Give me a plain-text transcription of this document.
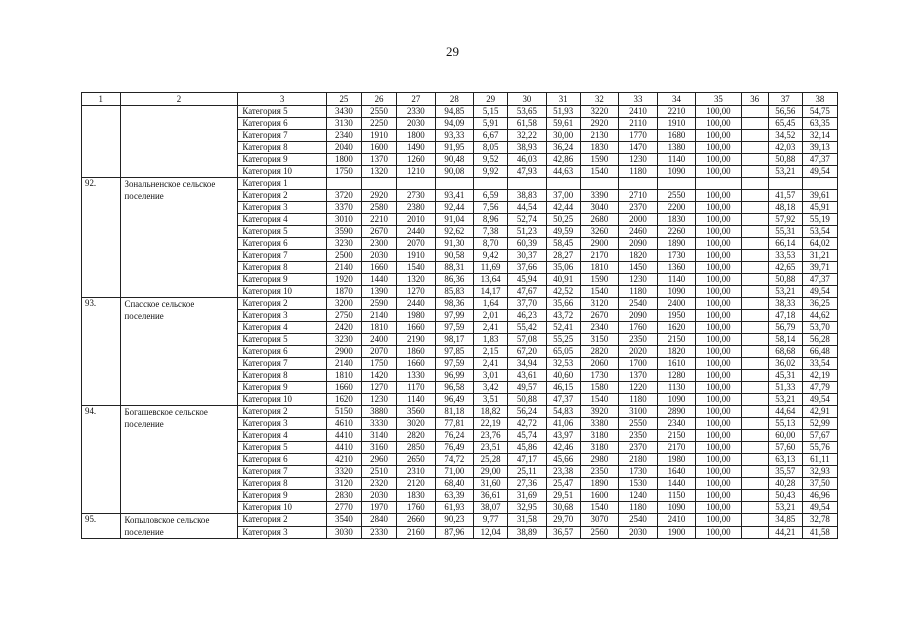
29
1	2	3	25	26	27	28	29	30	31	32	33	34	35	36	37	38
		Категория 5	3430	2550	2330	94,85	5,15	53,65	51,93	3220	2410	2210	100,00		56,56	54,75
		Категория 6	3130	2250	2030	94,09	5,91	61,58	59,61	2920	2110	1910	100,00		65,45	63,35
		Категория 7	2340	1910	1800	93,33	6,67	32,22	30,00	2130	1770	1680	100,00		34,52	32,14
		Категория 8	2040	1600	1490	91,95	8,05	38,93	36,24	1830	1470	1380	100,00		42,03	39,13
		Категория 9	1800	1370	1260	90,48	9,52	46,03	42,86	1590	1230	1140	100,00		50,88	47,37
		Категория 10	1750	1320	1210	90,08	9,92	47,93	44,63	1540	1180	1090	100,00		53,21	49,54
92.	Зональненское сельское поселение	Категория 1														
		Категория 2	3720	2920	2730	93,41	6,59	38,83	37,00	3390	2710	2550	100,00		41,57	39,61
		Категория 3	3370	2580	2380	92,44	7,56	44,54	42,44	3040	2370	2200	100,00		48,18	45,91
		Категория 4	3010	2210	2010	91,04	8,96	52,74	50,25	2680	2000	1830	100,00		57,92	55,19
		Категория 5	3590	2670	2440	92,62	7,38	51,23	49,59	3260	2460	2260	100,00		55,31	53,54
		Категория 6	3230	2300	2070	91,30	8,70	60,39	58,45	2900	2090	1890	100,00		66,14	64,02
		Категория 7	2500	2030	1910	90,58	9,42	30,37	28,27	2170	1820	1730	100,00		33,53	31,21
		Категория 8	2140	1660	1540	88,31	11,69	37,66	35,06	1810	1450	1360	100,00		42,65	39,71
		Категория 9	1920	1440	1320	86,36	13,64	45,94	40,91	1590	1230	1140	100,00		50,88	47,37
		Категория 10	1870	1390	1270	85,83	14,17	47,67	42,52	1540	1180	1090	100,00		53,21	49,54
93.	Спасское сельское поселение	Категория 2	3200	2590	2440	98,36	1,64	37,70	35,66	3120	2540	2400	100,00		38,33	36,25
		Категория 3	2750	2140	1980	97,99	2,01	46,23	43,72	2670	2090	1950	100,00		47,18	44,62
		Категория 4	2420	1810	1660	97,59	2,41	55,42	52,41	2340	1760	1620	100,00		56,79	53,70
		Категория 5	3230	2400	2190	98,17	1,83	57,08	55,25	3150	2350	2150	100,00		58,14	56,28
		Категория 6	2900	2070	1860	97,85	2,15	67,20	65,05	2820	2020	1820	100,00		68,68	66,48
		Категория 7	2140	1750	1660	97,59	2,41	34,94	32,53	2060	1700	1610	100,00		36,02	33,54
		Категория 8	1810	1420	1330	96,99	3,01	43,61	40,60	1730	1370	1280	100,00		45,31	42,19
		Категория 9	1660	1270	1170	96,58	3,42	49,57	46,15	1580	1220	1130	100,00		51,33	47,79
		Категория 10	1620	1230	1140	96,49	3,51	50,88	47,37	1540	1180	1090	100,00		53,21	49,54
94.	Богашевское сельское поселение	Категория 2	5150	3880	3560	81,18	18,82	56,24	54,83	3920	3100	2890	100,00		44,64	42,91
		Категория 3	4610	3330	3020	77,81	22,19	42,72	41,06	3380	2550	2340	100,00		55,13	52,99
		Категория 4	4410	3140	2820	76,24	23,76	45,74	43,97	3180	2350	2150	100,00		60,00	57,67
		Категория 5	4410	3160	2850	76,49	23,51	45,86	42,46	3180	2370	2170	100,00		57,60	55,76
		Категория 6	4210	2960	2650	74,72	25,28	47,17	45,66	2980	2180	1980	100,00		63,13	61,11
		Категория 7	3320	2510	2310	71,00	29,00	25,11	23,38	2350	1730	1640	100,00		35,57	32,93
		Категория 8	3120	2320	2120	68,40	31,60	27,36	25,47	1890	1530	1440	100,00		40,28	37,50
		Категория 9	2830	2030	1830	63,39	36,61	31,69	29,51	1600	1240	1150	100,00		50,43	46,96
		Категория 10	2770	1970	1760	61,93	38,07	32,95	30,68	1540	1180	1090	100,00		53,21	49,54
95.	Копыловское сельское поселение	Категория 2	3540	2840	2660	90,23	9,77	31,58	29,70	3070	2540	2410	100,00		34,85	32,78
		Категория 3	3030	2330	2160	87,96	12,04	38,89	36,57	2560	2030	1900	100,00		44,21	41,58
